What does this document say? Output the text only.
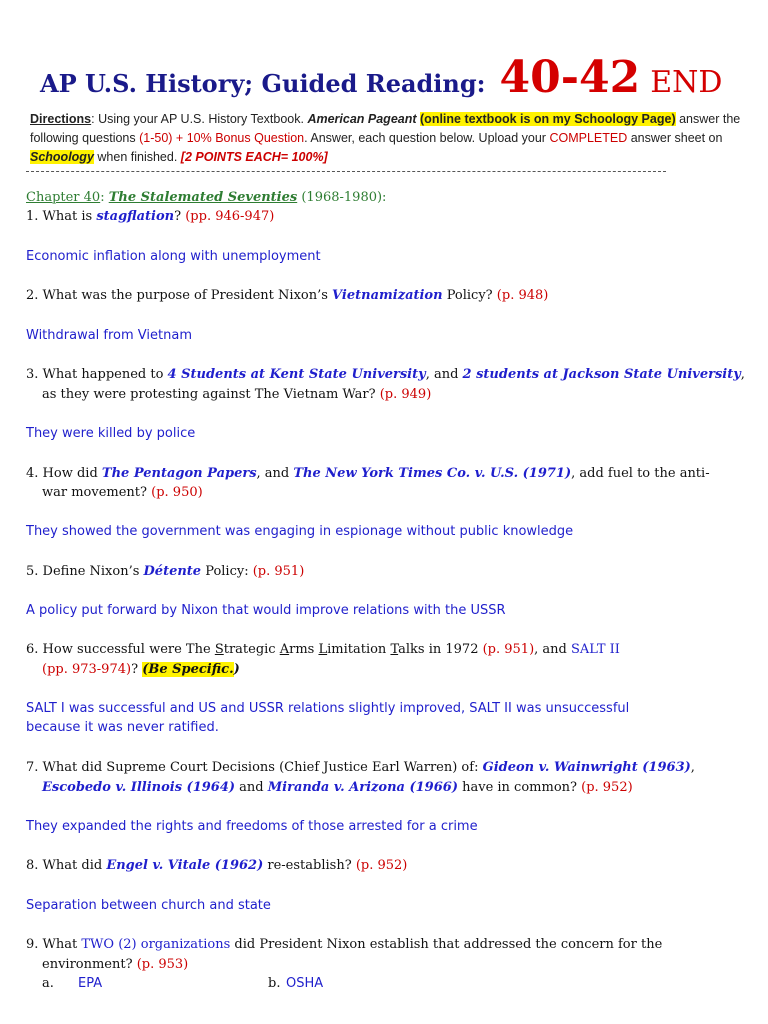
AP U.S. History; Guided Reading: 40-42 END
Directions: Using your AP U.S. History Textbook. American Pageant (online textbook is on my Schoology Page) answer the following questions (1-50) + 10% Bonus Question. Answer, each question below. Upload your COMPLETED answer sheet on Schoology when finished. [2 POINTS EACH= 100%]
Chapter 40: The Stalemated Seventies (1968-1980):
1. What is stagflation? (pp. 946-947)
Economic inflation along with unemployment
2. What was the purpose of President Nixon’s Vietnamization Policy? (p. 948)
Withdrawal from Vietnam
3. What happened to 4 Students at Kent State University, and 2 students at Jackson State University,
as they were protesting against The Vietnam War? (p. 949)
They were killed by police
4. How did The Pentagon Papers, and The New York Times Co. v. U.S. (1971), add fuel to the anti-
war movement? (p. 950)
They showed the government was engaging in espionage without public knowledge
5. Define Nixon’s Détente Policy: (p. 951)
A policy put forward by Nixon that would improve relations with the USSR
6. How successful were The Strategic Arms Limitation Talks in 1972 (p. 951), and SALT II
(pp. 973-974)? (Be Specific.)
SALT I was successful and US and USSR relations slightly improved, SALT II was unsuccessful
because it was never ratified.
7. What did Supreme Court Decisions (Chief Justice Earl Warren) of: Gideon v. Wainwright (1963),
Escobedo v. Illinois (1964) and Miranda v. Arizona (1966) have in common? (p. 952)
They expanded the rights and freedoms of those arrested for a crime
8. What did Engel v. Vitale (1962) re-establish? (p. 952)
Separation between church and state
9. What TWO (2) organizations did President Nixon establish that addressed the concern for the
environment? (p. 953)
a. EPA	b. OSHA
